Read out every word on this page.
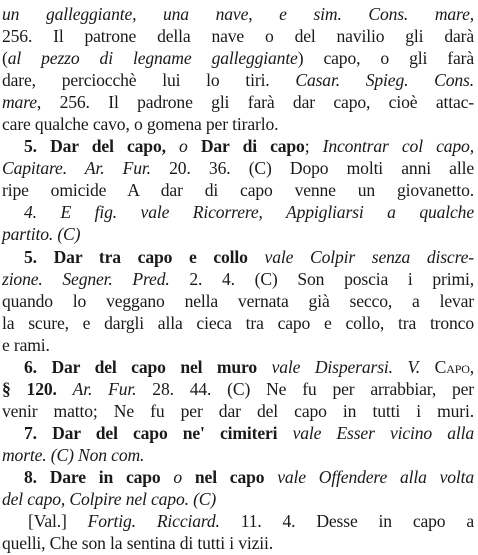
un galleggiante, una nave, e sim. Cons. mare,
256. Il patrone della nave o del navilio gli darà
(al pezzo di legname galleggiante) capo, o gli farà
dare, perciocchè lui lo tiri. Casar. Spieg. Cons.
mare, 256. Il padrone gli farà dar capo, cioè attac-
care qualche cavo, o gomena per tirarlo.
5. Dar del capo, o Dar di capo; Incontrar col capo,
Capitare. Ar. Fur. 20. 36. (C) Dopo molti anni alle
ripe omicide A dar di capo venne un giovanetto.
4. E fig. vale Ricorrere, Appigliarsi a qualche
partito. (C)
5. Dar tra capo e collo vale Colpir senza discre-
zione. Segner. Pred. 2. 4. (C) Son poscia i primi,
quando lo veggano nella vernata già secco, a levar
la scure, e dargli alla cieca tra capo e collo, tra tronco
e rami.
6. Dar del capo nel muro vale Disperarsi. V. Capo,
§ 120. Ar. Fur. 28. 44. (C) Ne fu per arrabbiar, per
venir matto; Ne fu per dar del capo in tutti i muri.
7. Dar del capo ne' cimiteri vale Esser vicino alla
morte. (C) Non com.
8. Dare in capo o nel capo vale Offendere alla volta
del capo, Colpire nel capo. (C)
[Val.] Fortig. Ricciard. 11. 4. Desse in capo a
quelli, Che son la sentina di tutti i vizii.
